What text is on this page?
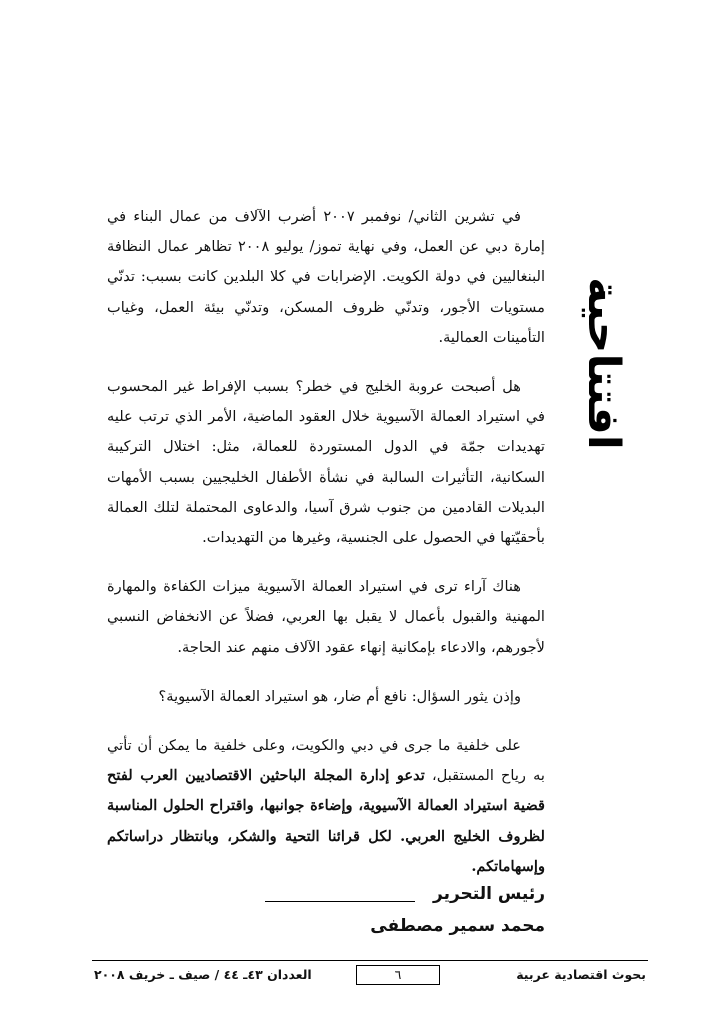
افتتاحية

في تشرين الثاني/ نوفمبر ٢٠٠٧ أضرب الآلاف من عمال البناء في إمارة دبي عن العمل، وفي نهاية تموز/ يوليو ٢٠٠٨ تظاهر عمال النظافة البنغاليين في دولة الكويت. الإضرابات في كلا البلدين كانت بسبب: تدنّي مستويات الأجور، وتدنّي ظروف المسكن، وتدنّي بيئة العمل، وغياب التأمينات العمالية.

هل أصبحت عروبة الخليج في خطر؟ بسبب الإفراط غير المحسوب في استيراد العمالة الآسيوية خلال العقود الماضية، الأمر الذي ترتب عليه تهديدات جمّة في الدول المستوردة للعمالة، مثل: اختلال التركيبة السكانية، التأثيرات السالبة في نشأة الأطفال الخليجيين بسبب الأمهات البديلات القادمين من جنوب شرق آسيا، والدعاوى المحتملة لتلك العمالة بأحقيّتها في الحصول على الجنسية، وغيرها من التهديدات.

هناك آراء ترى في استيراد العمالة الآسيوية ميزات الكفاءة والمهارة المهنية والقبول بأعمال لا يقبل بها العربي، فضلاً عن الانخفاض النسبي لأجورهم، والادعاء بإمكانية إنهاء عقود الآلاف منهم عند الحاجة.

وإذن يثور السؤال: نافع أم ضار، هو استيراد العمالة الآسيوية؟

على خلفية ما جرى في دبي والكويت، وعلى خلفية ما يمكن أن تأتي به رياح المستقبل، تدعو إدارة المجلة الباحثين الاقتصاديين العرب لفتح قضية استيراد العمالة الآسيوية، وإضاءة جوانبها، واقتراح الحلول المناسبة لظروف الخليج العربي. لكل قرائنا التحية والشكر، وبانتظار دراساتكم وإسهاماتكم.

رئيس التحرير
محمد سمير مصطفى
بحوث اقتصادية عربية
٦
العددان ٤٣ـ ٤٤ / صيف ـ خريف ٢٠٠٨
